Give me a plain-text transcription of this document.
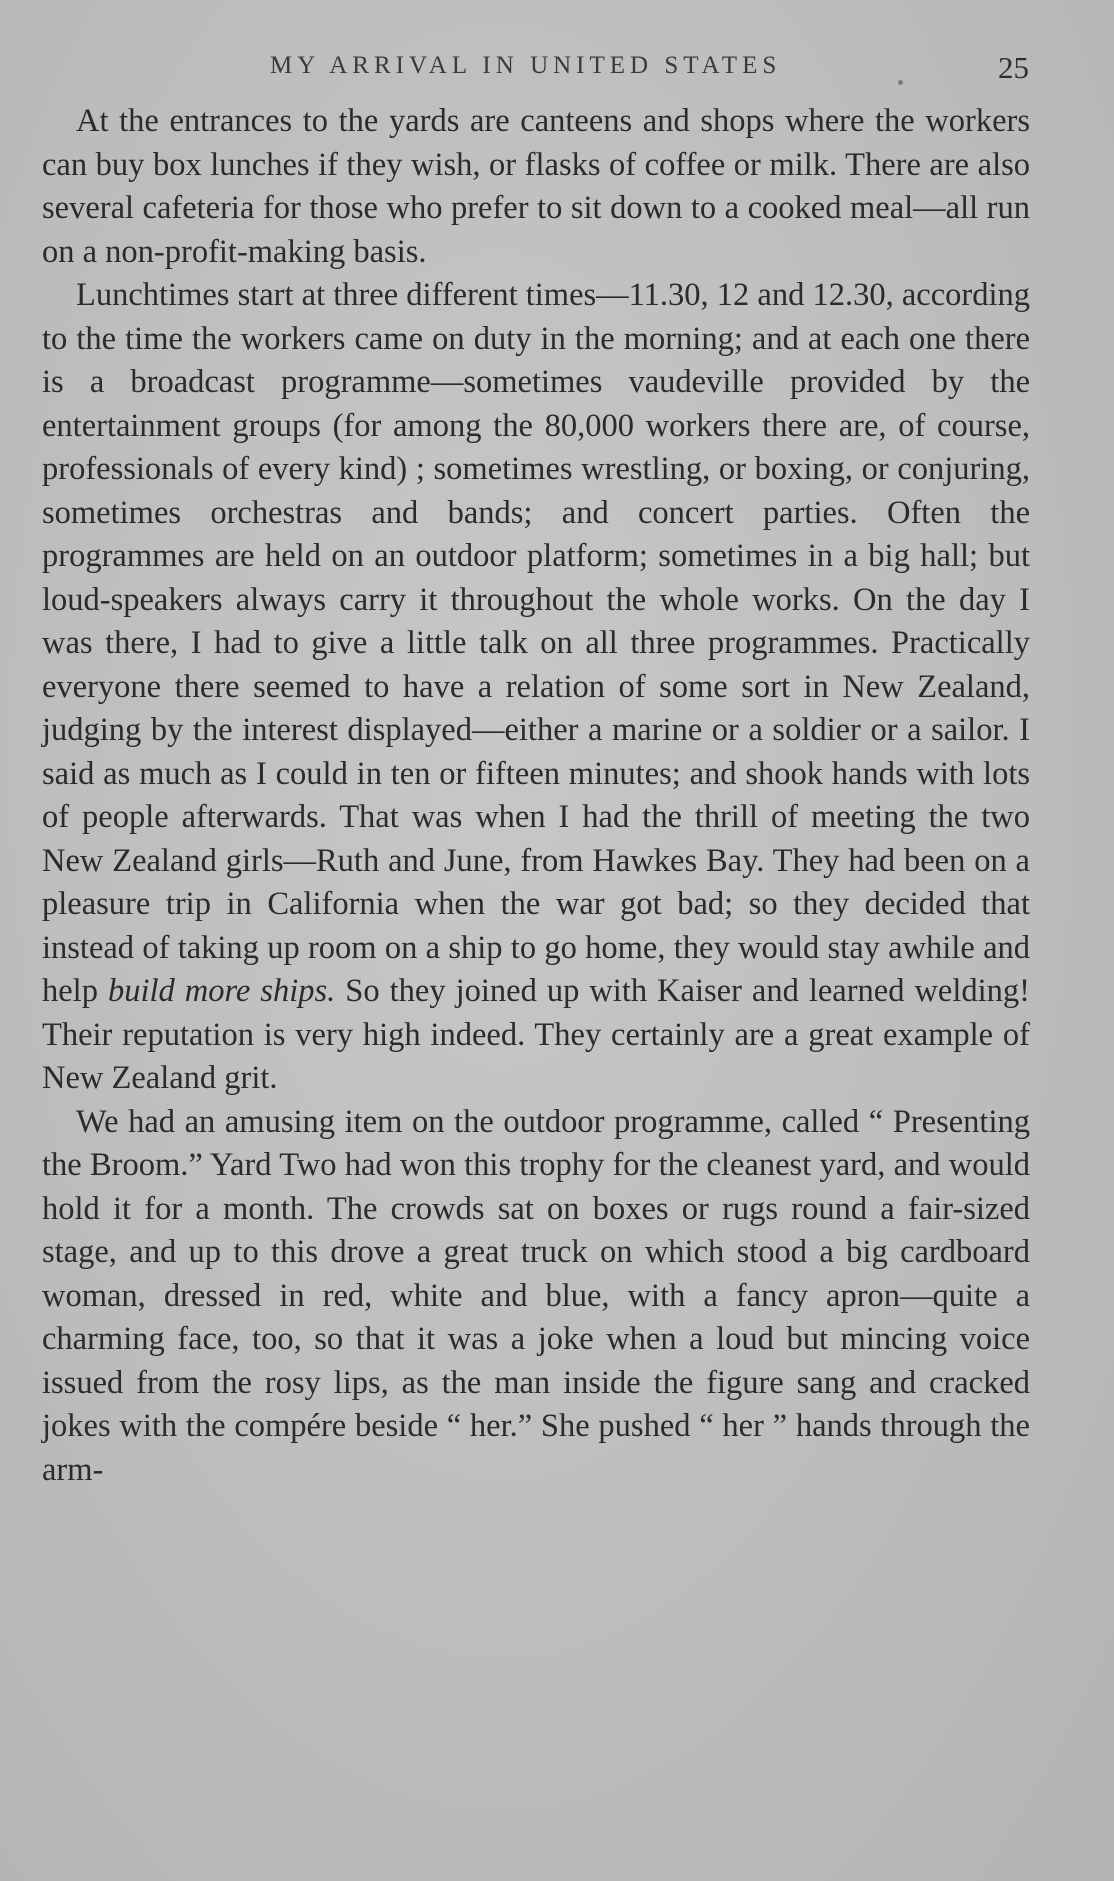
MY ARRIVAL IN UNITED STATES	25

At the entrances to the yards are canteens and shops where the workers can buy box lunches if they wish, or flasks of coffee or milk. There are also several cafeteria for those who prefer to sit down to a cooked meal—all run on a non-profit-making basis.

Lunchtimes start at three different times—11.30, 12 and 12.30, according to the time the workers came on duty in the morning; and at each one there is a broadcast programme—sometimes vaudeville provided by the entertainment groups (for among the 80,000 workers there are, of course, professionals of every kind) ; sometimes wrestling, or boxing, or conjuring, sometimes orchestras and bands; and concert parties. Often the programmes are held on an outdoor platform; sometimes in a big hall; but loud-speakers always carry it throughout the whole works. On the day I was there, I had to give a little talk on all three programmes. Practically everyone there seemed to have a relation of some sort in New Zealand, judging by the interest displayed—either a marine or a soldier or a sailor. I said as much as I could in ten or fifteen minutes; and shook hands with lots of people afterwards. That was when I had the thrill of meeting the two New Zealand girls—Ruth and June, from Hawkes Bay. They had been on a pleasure trip in California when the war got bad; so they decided that instead of taking up room on a ship to go home, they would stay awhile and help build more ships. So they joined up with Kaiser and learned welding! Their reputation is very high indeed. They certainly are a great example of New Zealand grit.

We had an amusing item on the outdoor programme, called “ Presenting the Broom.” Yard Two had won this trophy for the cleanest yard, and would hold it for a month. The crowds sat on boxes or rugs round a fair-sized stage, and up to this drove a great truck on which stood a big cardboard woman, dressed in red, white and blue, with a fancy apron—quite a charming face, too, so that it was a joke when a loud but mincing voice issued from the rosy lips, as the man inside the figure sang and cracked jokes with the compére beside “ her.” She pushed “ her ” hands through the arm-
